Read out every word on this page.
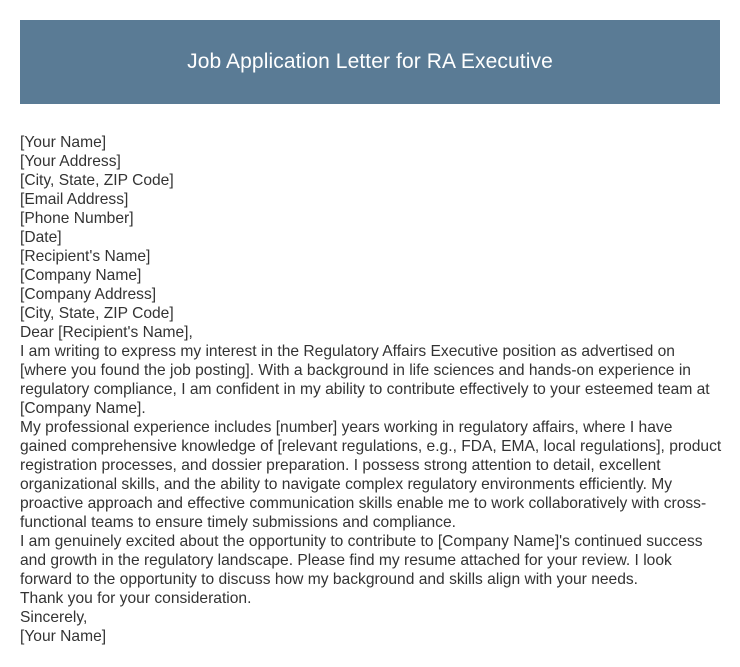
Job Application Letter for RA Executive

[Your Name]

[Your Address]

[City, State, ZIP Code]

[Email Address]

[Phone Number]

[Date]

[Recipient's Name]

[Company Name]

[Company Address]

[City, State, ZIP Code]

Dear [Recipient's Name],

I am writing to express my interest in the Regulatory Affairs Executive position as advertised on [where you found the job posting]. With a background in life sciences and hands-on experience in regulatory compliance, I am confident in my ability to contribute effectively to your esteemed team at [Company Name].

My professional experience includes [number] years working in regulatory affairs, where I have gained comprehensive knowledge of [relevant regulations, e.g., FDA, EMA, local regulations], product registration processes, and dossier preparation. I possess strong attention to detail, excellent organizational skills, and the ability to navigate complex regulatory environments efficiently. My proactive approach and effective communication skills enable me to work collaboratively with cross-functional teams to ensure timely submissions and compliance.

I am genuinely excited about the opportunity to contribute to [Company Name]'s continued success and growth in the regulatory landscape. Please find my resume attached for your review. I look forward to the opportunity to discuss how my background and skills align with your needs.

Thank you for your consideration.

Sincerely,

[Your Name]
